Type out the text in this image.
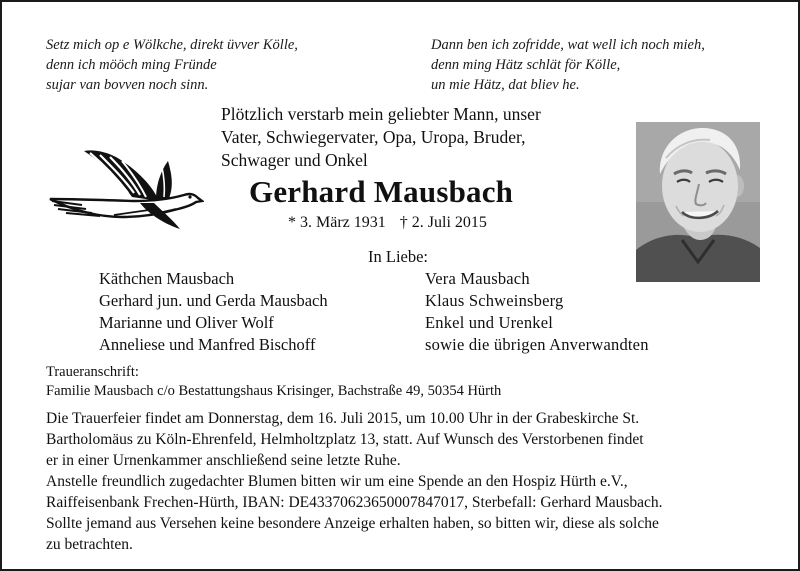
Setz mich op e Wölkche, direkt üvver Kölle,
denn ich mööch ming Fründe
sujar van bovven noch sinn.
Dann ben ich zofridde, wat well ich noch mieh,
denn ming Hätz schlät för Kölle,
un mie Hätz, dat bliev he.
Plötzlich verstarb mein geliebter Mann, unser
Vater, Schwiegervater, Opa, Uropa, Bruder,
Schwager und Onkel
Gerhard Mausbach
* 3. März 1931 † 2. Juli 2015
In Liebe:
Käthchen Mausbach
Gerhard jun. und Gerda Mausbach
Marianne und Oliver Wolf
Anneliese und Manfred Bischoff
Vera Mausbach
Klaus Schweinsberg
Enkel und Urenkel
sowie die übrigen Anverwandten
Traueranschrift:
Familie Mausbach c/o Bestattungshaus Krisinger, Bachstraße 49, 50354 Hürth
Die Trauerfeier findet am Donnerstag, dem 16. Juli 2015, um 10.00 Uhr in der Grabeskirche St.
Bartholomäus zu Köln-Ehrenfeld, Helmholtzplatz 13, statt. Auf Wunsch des Verstorbenen findet
er in einer Urnenkammer anschließend seine letzte Ruhe.
Anstelle freundlich zugedachter Blumen bitten wir um eine Spende an den Hospiz Hürth e.V.,
Raiffeisenbank Frechen-Hürth, IBAN: DE43370623650007847017, Sterbefall: Gerhard Mausbach.
Sollte jemand aus Versehen keine besondere Anzeige erhalten haben, so bitten wir, diese als solche
zu betrachten.
